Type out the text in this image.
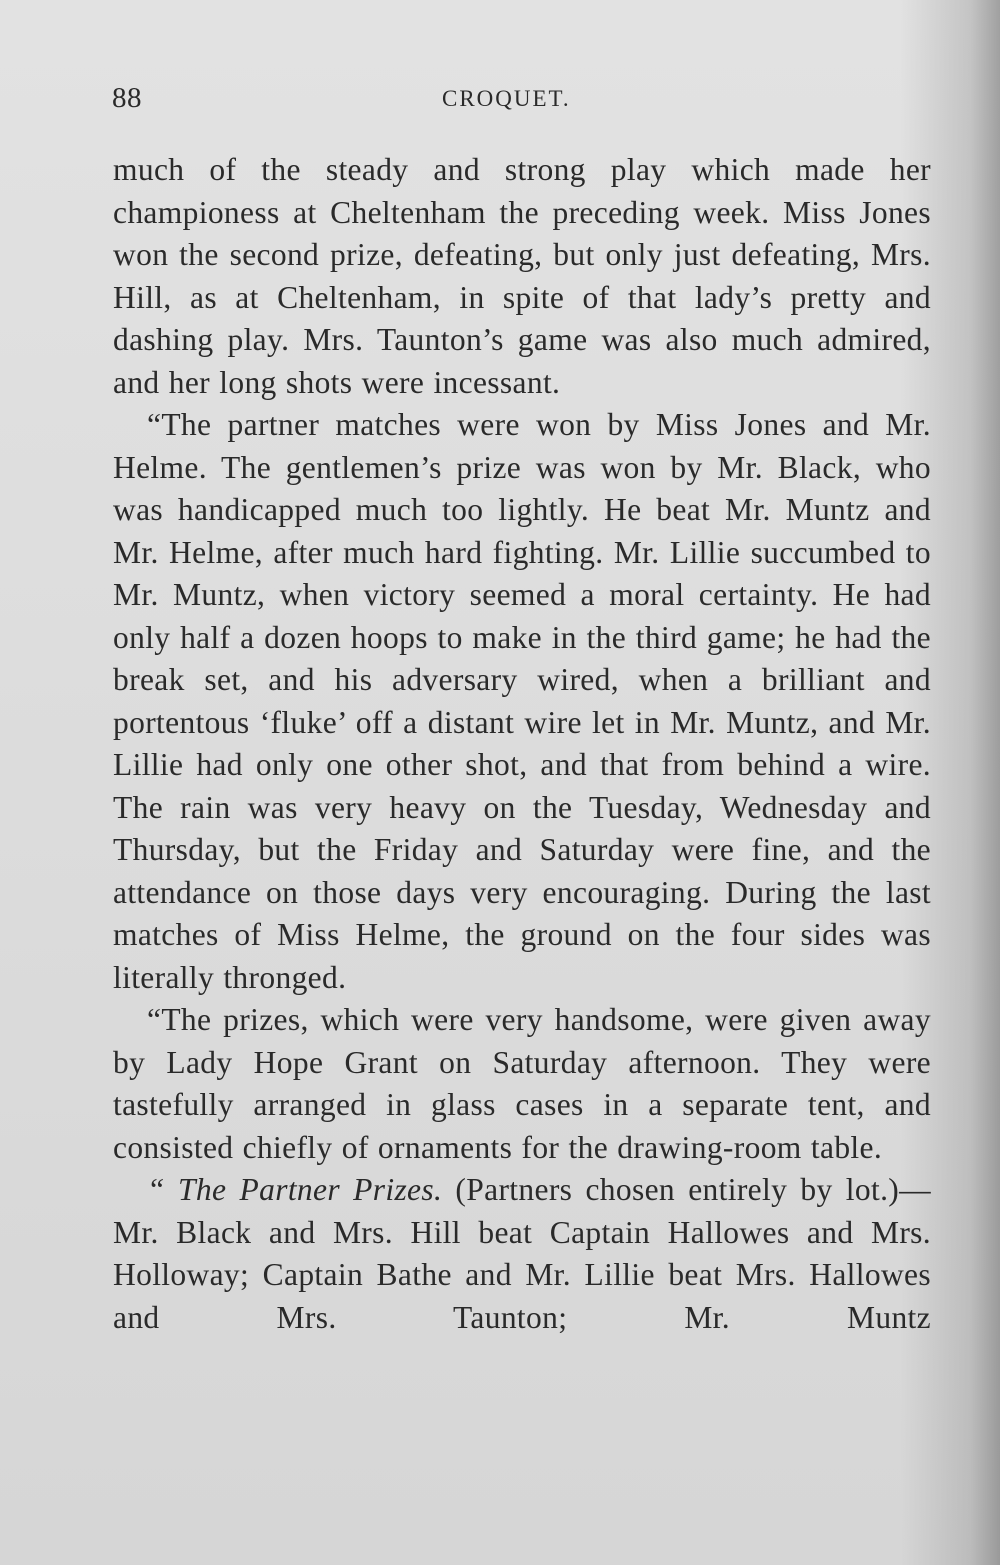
88	CROQUET.

much of the steady and strong play which made her championess at Cheltenham the preceding week. Miss Jones won the second prize, defeating, but only just defeating, Mrs. Hill, as at Cheltenham, in spite of that lady’s pretty and dashing play. Mrs. Taunton’s game was also much admired, and her long shots were incessant.

“The partner matches were won by Miss Jones and Mr. Helme. The gentlemen’s prize was won by Mr. Black, who was handicapped much too lightly. He beat Mr. Muntz and Mr. Helme, after much hard fighting. Mr. Lillie succumbed to Mr. Muntz, when victory seemed a moral certainty. He had only half a dozen hoops to make in the third game; he had the break set, and his adversary wired, when a brilliant and portentous ‘fluke’ off a distant wire let in Mr. Muntz, and Mr. Lillie had only one other shot, and that from behind a wire. The rain was very heavy on the Tuesday, Wednesday and Thursday, but the Friday and Saturday were fine, and the attendance on those days very encouraging. During the last matches of Miss Helme, the ground on the four sides was literally thronged.

“The prizes, which were very handsome, were given away by Lady Hope Grant on Saturday afternoon. They were tastefully arranged in glass cases in a separate tent, and consisted chiefly of ornaments for the drawing-room table.

“ The Partner Prizes. (Partners chosen entirely by lot.)—Mr. Black and Mrs. Hill beat Captain Hallowes and Mrs. Holloway; Captain Bathe and Mr. Lillie beat Mrs. Hallowes and Mrs. Taunton; Mr. Muntz
